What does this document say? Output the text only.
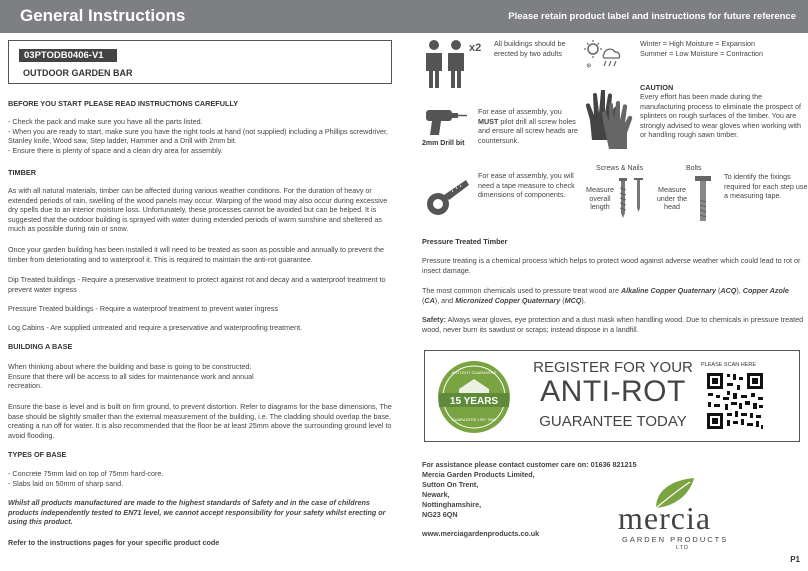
General Instructions	Please retain product label and instructions for future reference
03PTODB0406-V1
OUTDOOR GARDEN BAR
BEFORE YOU START PLEASE READ INSTRUCTIONS CAREFULLY
- Check the pack and make sure you have all the parts listed.
- When you are ready to start, make sure you have the right tools at hand (not supplied) including a Phillips screwdriver, Stanley knife, Wood saw, Step ladder, Hammer and a Drill with 2mm bit.
- Ensure there is plenty of space and a clean dry area for assembly.
TIMBER
As with all natural materials, timber can be affected during various weather conditions. For the duration of heavy or extended periods of rain, swelling of the wood panels may occur. Warping of the wood may also occur during excessive dry spells due to an interior moisture loss. Unfortunately, these processes cannot be avoided but can be helped. It is suggested that the outdoor building is sprayed with water during extended periods of warm sunshine and sheltered as much as possible during rain or snow.
Once your garden building has been installed it will need to be treated as soon as possible and annually to prevent the timber from deteriorating and to waterproof it. This is required to maintain the anti-rot guarantee.
Dip Treated buildings - Require a preservative treatment to protect against rot and decay and a waterproof treatment to prevent water ingress
Pressure Treated buildings - Require a waterproof treatment to prevent water ingress
Log Cabins - Are supplied untreated and require a preservative and waterproofing treatment.
BUILDING A BASE
When thinking about where the building and base is going to be constructed:
Ensure that there will be access to all sides for maintenance work and annual
recreation.
Ensure the base is level and is built on firm ground, to prevent distortion. Refer to diagrams for the base dimensions, The base should be slightly smaller than the external measurement of the building, i.e. The cladding should overlap the base, creating a run off for water. It is also recommended that the floor be at least 25mm above the surrounding ground level to avoid flooding.
TYPES OF BASE
- Concrete 75mm laid on top of 75mm hard-core.
- Slabs laid on 50mm of sharp sand.
Whilst all products manufactured are made to the highest standards of Safety and in the case of childrens products independently tested to EN71 level, we cannot accept responsibility for your safety whilst erecting or using this product.
Refer to the instructions pages for your specific product code
x2 All buildings should be erected by two adults
❄
Winter = High Moisture = Expansion
Summer = Low Moisture = Contraction
2mm Drill bit
For ease of assembly, you
MUST pilot drill all screw holes and ensure all screw heads are countersunk.
CAUTION
Every effort has been made during the manufacturing process to eliminate the prospect of splinters on rough surfaces of the timber. You are strongly advised to wear gloves when working with or handling rough sawn timber.
For ease of assembly, you will need a tape measure to check dimensions of components.
Screws & Nails	Bolts
Measure overall length
Measure under the head
To identify the fixings required for each step use a measuring tape.
Pressure Treated Timber
Pressure treating is a chemical process which helps to protect wood against adverse weather which could lead to rot or insect damage.
The most common chemicals used to pressure treat wood are Alkaline Copper Quaternary (ACQ), Copper Azole (CA), and Micronized Copper Quaternary (MCQ).
Safety: Always wear gloves, eye protection and a dust mask when handling wood. Due to chemicals in pressure treated wood, never burn its sawdust or scraps; instead dispose in a landfill.
15 YEARS
ANTI-ROT GUARANTEE
GUARANTEE LIFE TIME
REGISTER FOR YOUR
ANTI-ROT
GUARANTEE TODAY
PLEASE SCAN HERE
For assistance please contact customer care on: 01636 821215
Mercia Garden Products Limited,
Sutton On Trent,
Newark,
Nottinghamshire,
NG23 6QN
www.merciagardenproducts.co.uk	mercia
GARDEN PRODUCTS
LTD
P1
